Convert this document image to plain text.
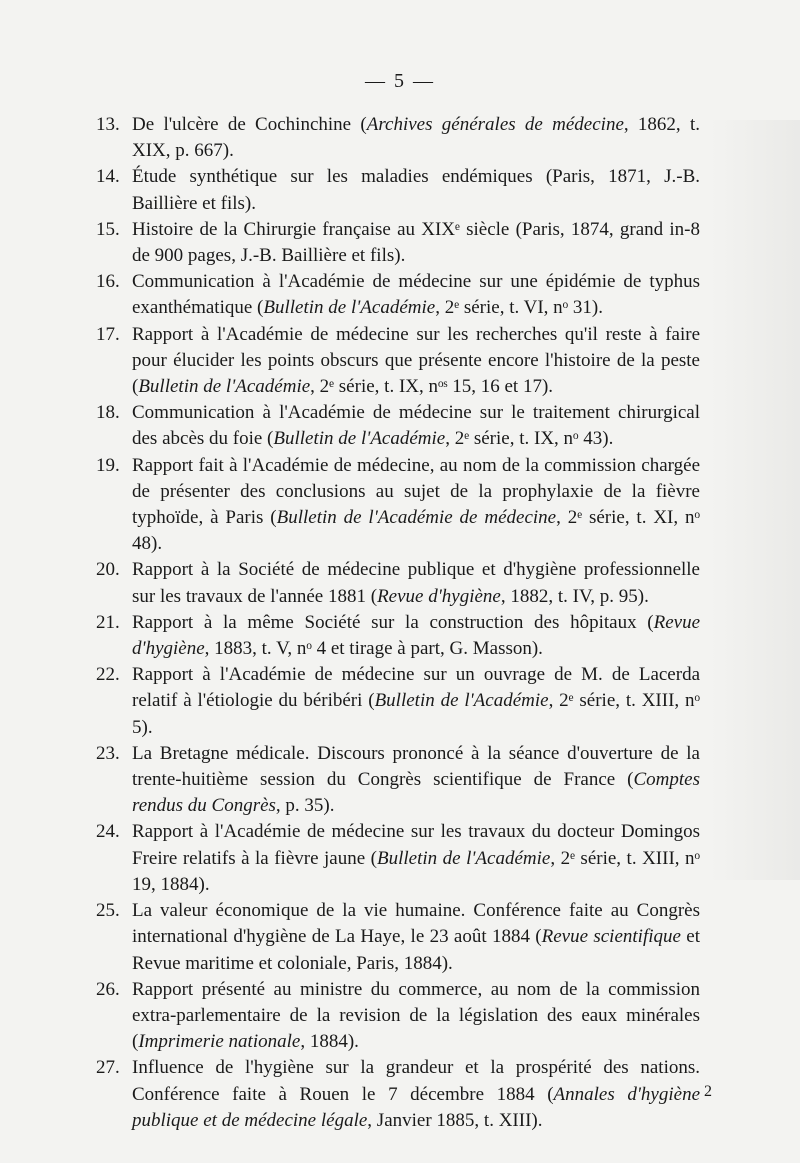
— 5 —
13. De l'ulcère de Cochinchine (Archives générales de médecine, 1862, t. XIX, p. 667).
14. Étude synthétique sur les maladies endémiques (Paris, 1871, J.-B. Baillière et fils).
15. Histoire de la Chirurgie française au XIXᵉ siècle (Paris, 1874, grand in-8 de 900 pages, J.-B. Baillière et fils).
16. Communication à l'Académie de médecine sur une épidémie de typhus exanthématique (Bulletin de l'Académie, 2ᵉ série, t. VI, nᵒ 31).
17. Rapport à l'Académie de médecine sur les recherches qu'il reste à faire pour élucider les points obscurs que présente encore l'histoire de la peste (Bulletin de l'Académie, 2ᵉ série, t. IX, nᵒˢ 15, 16 et 17).
18. Communication à l'Académie de médecine sur le traitement chirurgical des abcès du foie (Bulletin de l'Académie, 2ᵉ série, t. IX, nᵒ 43).
19. Rapport fait à l'Académie de médecine, au nom de la commission chargée de présenter des conclusions au sujet de la prophylaxie de la fièvre typhoïde, à Paris (Bulletin de l'Académie de médecine, 2ᵉ série, t. XI, nᵒ 48).
20. Rapport à la Société de médecine publique et d'hygiène professionnelle sur les travaux de l'année 1881 (Revue d'hygiène, 1882, t. IV, p. 95).
21. Rapport à la même Société sur la construction des hôpitaux (Revue d'hygiène, 1883, t. V, nᵒ 4 et tirage à part, G. Masson).
22. Rapport à l'Académie de médecine sur un ouvrage de M. de Lacerda relatif à l'étiologie du béribéri (Bulletin de l'Académie, 2ᵉ série, t. XIII, nᵒ 5).
23. La Bretagne médicale. Discours prononcé à la séance d'ouverture de la trente-huitième session du Congrès scientifique de France (Comptes rendus du Congrès, p. 35).
24. Rapport à l'Académie de médecine sur les travaux du docteur Domingos Freire relatifs à la fièvre jaune (Bulletin de l'Académie, 2ᵉ série, t. XIII, nᵒ 19, 1884).
25. La valeur économique de la vie humaine. Conférence faite au Congrès international d'hygiène de La Haye, le 23 août 1884 (Revue scientifique et Revue maritime et coloniale, Paris, 1884).
26. Rapport présenté au ministre du commerce, au nom de la commission extra-parlementaire de la revision de la législation des eaux minérales (Imprimerie nationale, 1884).
27. Influence de l'hygiène sur la grandeur et la prospérité des nations. Conférence faite à Rouen le 7 décembre 1884 (Annales d'hygiène publique et de médecine légale, Janvier 1885, t. XIII).
2
